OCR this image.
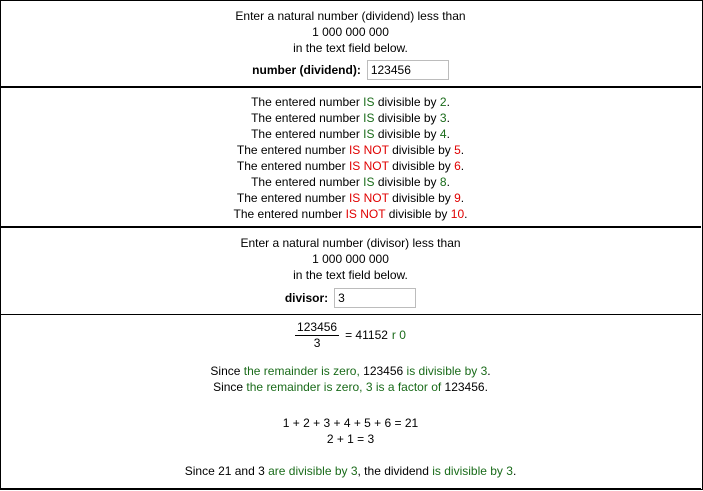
Enter a natural number (dividend) less than
1 000 000 000
in the text field below.
number (dividend):
123456
The entered number IS divisible by 2.
The entered number IS divisible by 3.
The entered number IS divisible by 4.
The entered number IS NOT divisible by 5.
The entered number IS NOT divisible by 6.
The entered number IS divisible by 8.
The entered number IS NOT divisible by 9.
The entered number IS NOT divisible by 10.
Enter a natural number (divisor) less than
1 000 000 000
in the text field below.
divisor:
3
$\frac{123456}{3} = 41152$ r 0
Since the remainder is zero, 123456 is divisible by 3.
Since the remainder is zero, 3 is a factor of 123456.
1 + 2 + 3 + 4 + 5 + 6 = 21
2 + 1 = 3
Since 21 and 3 are divisible by 3, the dividend is divisible by 3.
